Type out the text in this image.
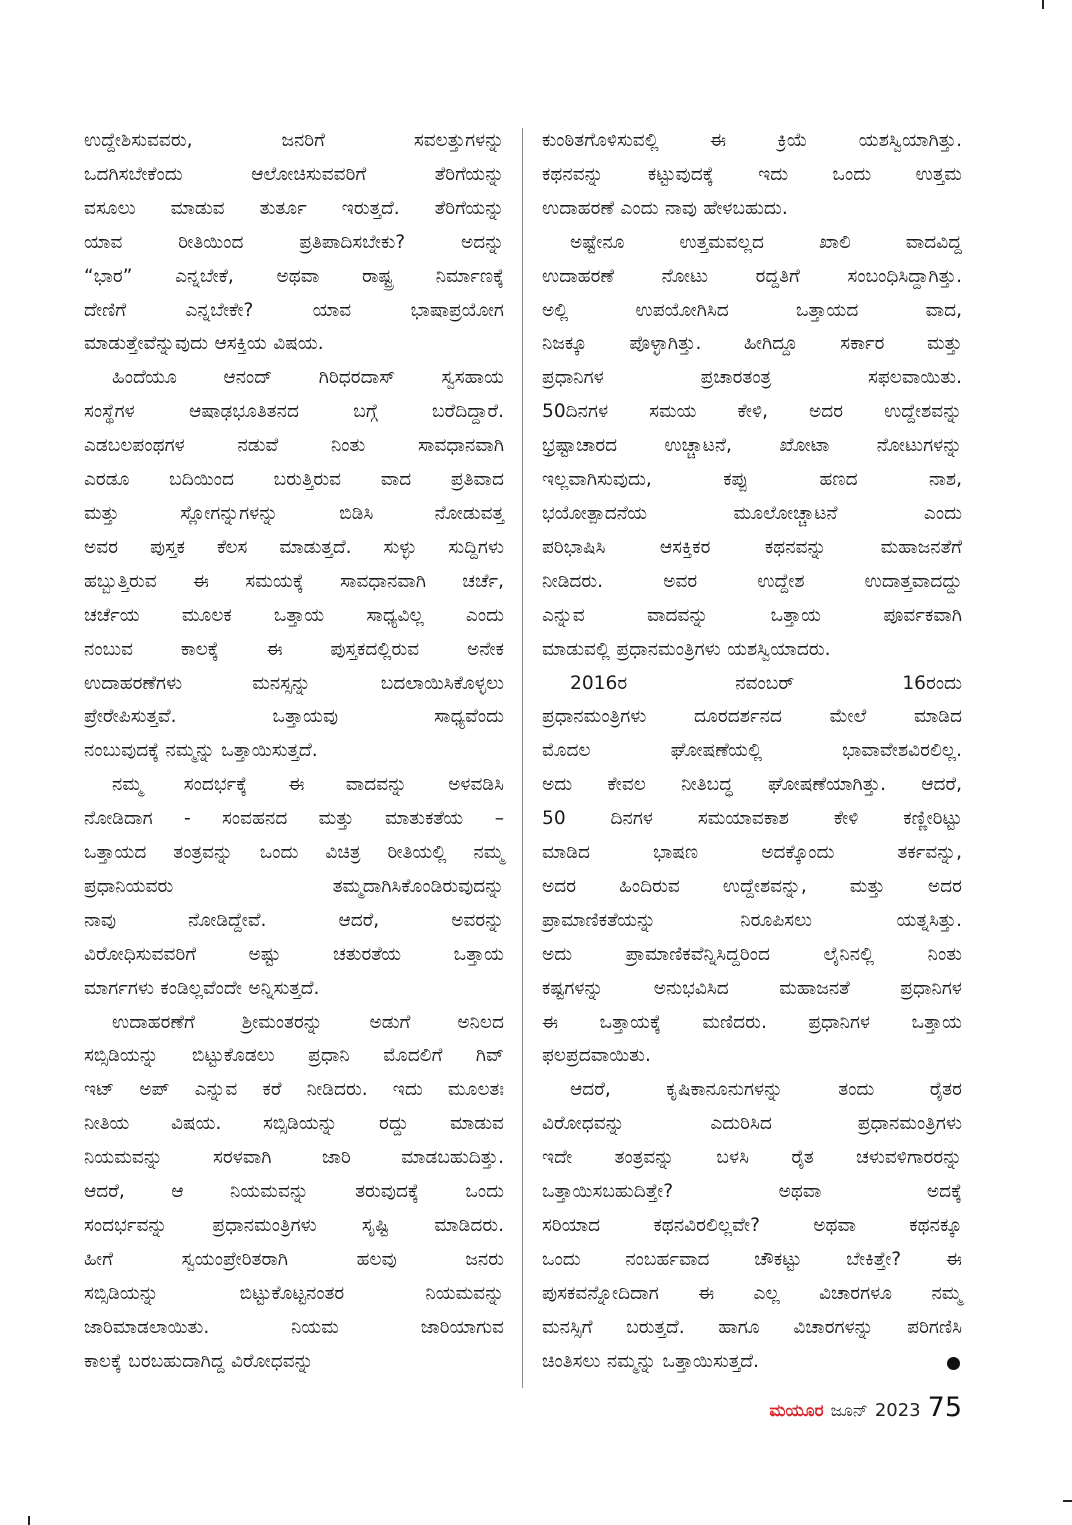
ಉದ್ದೇಶಿಸುವವರು, ಜನರಿಗೆ ಸವಲತ್ತುಗಳನ್ನು
ಒದಗಿಸಬೇಕೆಂದು ಆಲೋಚಿಸುವವರಿಗೆ ತೆರಿಗೆಯನ್ನು
ವಸೂಲು ಮಾಡುವ ತುರ್ತೂ ಇರುತ್ತದೆ. ತೆರಿಗೆಯನ್ನು
ಯಾವ ರೀತಿಯಿಂದ ಪ್ರತಿಪಾದಿಸಬೇಕು? ಅದನ್ನು
“ಭಾರ” ಎನ್ನಬೇಕೆ, ಅಥವಾ ರಾಷ್ಟ್ರ ನಿರ್ಮಾಣಕ್ಕೆ
ದೇಣಿಗೆ ಎನ್ನಬೇಕೇ? ಯಾವ ಭಾಷಾಪ್ರಯೋಗ
ಮಾಡುತ್ತೇವೆನ್ನುವುದು ಆಸಕ್ತಿಯ ವಿಷಯ.
ಹಿಂದೆಯೂ ಆನಂದ್ ಗಿರಿಧರದಾಸ್ ಸ್ವಸಹಾಯ
ಸಂಸ್ಥೆಗಳ ಆಷಾಢಭೂತಿತನದ ಬಗ್ಗೆ ಬರೆದಿದ್ದಾರೆ.
ಎಡಬಲಪಂಥಗಳ ನಡುವೆ ನಿಂತು ಸಾವಧಾನವಾಗಿ
ಎರಡೂ ಬದಿಯಿಂದ ಬರುತ್ತಿರುವ ವಾದ ಪ್ರತಿವಾದ
ಮತ್ತು ಸ್ಲೋಗನ್ನುಗಳನ್ನು ಬಿಡಿಸಿ ನೋಡುವತ್ತ
ಅವರ ಪುಸ್ತಕ ಕೆಲಸ ಮಾಡುತ್ತದೆ. ಸುಳ್ಳು ಸುದ್ದಿಗಳು
ಹಬ್ಬುತ್ತಿರುವ ಈ ಸಮಯಕ್ಕೆ ಸಾವಧಾನವಾಗಿ ಚರ್ಚೆ,
ಚರ್ಚೆಯ ಮೂಲಕ ಒತ್ತಾಯ ಸಾಧ್ಯವಿಲ್ಲ ಎಂದು
ನಂಬುವ ಕಾಲಕ್ಕೆ ಈ ಪುಸ್ತಕದಲ್ಲಿರುವ ಅನೇಕ
ಉದಾಹರಣೆಗಳು ಮನಸ್ಸನ್ನು ಬದಲಾಯಿಸಿಕೊಳ್ಳಲು
ಪ್ರೇರೇಪಿಸುತ್ತವೆ. ಒತ್ತಾಯವು ಸಾಧ್ಯವೆಂದು
ನಂಬುವುದಕ್ಕೆ ನಮ್ಮನ್ನು ಒತ್ತಾಯಿಸುತ್ತದೆ.
ನಮ್ಮ ಸಂದರ್ಭಕ್ಕೆ ಈ ವಾದವನ್ನು ಅಳವಡಿಸಿ
ನೋಡಿದಾಗ - ಸಂವಹನದ ಮತ್ತು ಮಾತುಕತೆಯ –
ಒತ್ತಾಯದ ತಂತ್ರವನ್ನು ಒಂದು ವಿಚಿತ್ರ ರೀತಿಯಲ್ಲಿ ನಮ್ಮ
ಪ್ರಧಾನಿಯವರು ತಮ್ಮದಾಗಿಸಿಕೊಂಡಿರುವುದನ್ನು
ನಾವು ನೋಡಿದ್ದೇವೆ. ಆದರೆ, ಅವರನ್ನು
ವಿರೋಧಿಸುವವರಿಗೆ ಅಷ್ಟು ಚತುರತೆಯ ಒತ್ತಾಯ
ಮಾರ್ಗಗಳು ಕಂಡಿಲ್ಲವೆಂದೇ ಅನ್ನಿಸುತ್ತದೆ.
ಉದಾಹರಣೆಗೆ ಶ್ರೀಮಂತರನ್ನು ಅಡುಗೆ ಅನಿಲದ
ಸಬ್ಸಿಡಿಯನ್ನು ಬಿಟ್ಟುಕೊಡಲು ಪ್ರಧಾನಿ ಮೊದಲಿಗೆ ಗಿವ್
ಇಟ್ ಅಪ್ ಎನ್ನುವ ಕರೆ ನೀಡಿದರು. ಇದು ಮೂಲತಃ
ನೀತಿಯ ವಿಷಯ. ಸಬ್ಸಿಡಿಯನ್ನು ರದ್ದು ಮಾಡುವ
ನಿಯಮವನ್ನು ಸರಳವಾಗಿ ಜಾರಿ ಮಾಡಬಹುದಿತ್ತು.
ಆದರೆ, ಆ ನಿಯಮವನ್ನು ತರುವುದಕ್ಕೆ ಒಂದು
ಸಂದರ್ಭವನ್ನು ಪ್ರಧಾನಮಂತ್ರಿಗಳು ಸೃಷ್ಟಿ ಮಾಡಿದರು.
ಹೀಗೆ ಸ್ವಯಂಪ್ರೇರಿತರಾಗಿ ಹಲವು ಜನರು
ಸಬ್ಸಿಡಿಯನ್ನು ಬಿಟ್ಟುಕೊಟ್ಟನಂತರ ನಿಯಮವನ್ನು
ಜಾರಿಮಾಡಲಾಯಿತು. ನಿಯಮ ಜಾರಿಯಾಗುವ
ಕಾಲಕ್ಕೆ ಬರಬಹುದಾಗಿದ್ದ ವಿರೋಧವನ್ನು
ಕುಂಠಿತಗೊಳಿಸುವಲ್ಲಿ ಈ ಕ್ರಿಯೆ ಯಶಸ್ವಿಯಾಗಿತ್ತು.
ಕಥನವನ್ನು ಕಟ್ಟುವುದಕ್ಕೆ ಇದು ಒಂದು ಉತ್ತಮ
ಉದಾಹರಣೆ ಎಂದು ನಾವು ಹೇಳಬಹುದು.
ಅಷ್ಟೇನೂ ಉತ್ತಮವಲ್ಲದ ಖಾಲಿ ವಾದವಿದ್ದ
ಉದಾಹರಣೆ ನೋಟು ರದ್ದತಿಗೆ ಸಂಬಂಧಿಸಿದ್ದಾಗಿತ್ತು.
ಅಲ್ಲಿ ಉಪಯೋಗಿಸಿದ ಒತ್ತಾಯದ ವಾದ,
ನಿಜಕ್ಕೂ ಪೊಳ್ಳಾಗಿತ್ತು. ಹೀಗಿದ್ದೂ ಸರ್ಕಾರ ಮತ್ತು
ಪ್ರಧಾನಿಗಳ ಪ್ರಚಾರತಂತ್ರ ಸಫಲವಾಯಿತು.
50ದಿನಗಳ ಸಮಯ ಕೇಳಿ, ಅದರ ಉದ್ದೇಶವನ್ನು
ಭ್ರಷ್ಟಾಚಾರದ ಉಚ್ಚಾಟನೆ, ಖೋಟಾ ನೋಟುಗಳನ್ನು
ಇಲ್ಲವಾಗಿಸುವುದು, ಕಪ್ಪು ಹಣದ ನಾಶ,
ಭಯೋತ್ಪಾದನೆಯ ಮೂಲೋಚ್ಚಾಟನೆ ಎಂದು
ಪರಿಭಾಷಿಸಿ ಆಸಕ್ತಿಕರ ಕಥನವನ್ನು ಮಹಾಜನತೆಗೆ
ನೀಡಿದರು. ಅವರ ಉದ್ದೇಶ ಉದಾತ್ತವಾದದ್ದು
ಎನ್ನುವ ವಾದವನ್ನು ಒತ್ತಾಯ ಪೂರ್ವಕವಾಗಿ
ಮಾಡುವಲ್ಲಿ ಪ್ರಧಾನಮಂತ್ರಿಗಳು ಯಶಸ್ವಿಯಾದರು.
2016ರ ನವಂಬರ್ 16ರಂದು
ಪ್ರಧಾನಮಂತ್ರಿಗಳು ದೂರದರ್ಶನದ ಮೇಲೆ ಮಾಡಿದ
ಮೊದಲ ಘೋಷಣೆಯಲ್ಲಿ ಭಾವಾವೇಶವಿರಲಿಲ್ಲ.
ಅದು ಕೇವಲ ನೀತಿಬದ್ಧ ಘೋಷಣೆಯಾಗಿತ್ತು. ಆದರೆ,
50 ದಿನಗಳ ಸಮಯಾವಕಾಶ ಕೇಳಿ ಕಣ್ಣೀರಿಟ್ಟು
ಮಾಡಿದ ಭಾಷಣ ಅದಕ್ಕೊಂದು ತರ್ಕವನ್ನು,
ಅದರ ಹಿಂದಿರುವ ಉದ್ದೇಶವನ್ನು, ಮತ್ತು ಅದರ
ಪ್ರಾಮಾಣಿಕತೆಯನ್ನು ನಿರೂಪಿಸಲು ಯತ್ನಸಿತ್ತು.
ಅದು ಪ್ರಾಮಾಣಿಕವೆನ್ನಿಸಿದ್ದರಿಂದ ಲೈನಿನಲ್ಲಿ ನಿಂತು
ಕಷ್ಟಗಳನ್ನು ಅನುಭವಿಸಿದ ಮಹಾಜನತೆ ಪ್ರಧಾನಿಗಳ
ಈ ಒತ್ತಾಯಕ್ಕೆ ಮಣಿದರು. ಪ್ರಧಾನಿಗಳ ಒತ್ತಾಯ
ಫಲಪ್ರದವಾಯಿತು.
ಆದರೆ, ಕೃಷಿಕಾನೂನುಗಳನ್ನು ತಂದು ರೈತರ
ವಿರೋಧವನ್ನು ಎದುರಿಸಿದ ಪ್ರಧಾನಮಂತ್ರಿಗಳು
ಇದೇ ತಂತ್ರವನ್ನು ಬಳಸಿ ರೈತ ಚಳುವಳಿಗಾರರನ್ನು
ಒತ್ತಾಯಿಸಬಹುದಿತ್ತೇ? ಅಥವಾ ಅದಕ್ಕೆ
ಸರಿಯಾದ ಕಥನವಿರಲಿಲ್ಲವೇ? ಅಥವಾ ಕಥನಕ್ಕೂ
ಒಂದು ನಂಬರ್ಹವಾದ ಚೌಕಟ್ಟು ಬೇಕಿತ್ತೇ? ಈ
ಪುಸಕವನ್ನೋದಿದಾಗ ಈ ಎಲ್ಲ ವಿಚಾರಗಳೂ ನಮ್ಮ
ಮನಸ್ಸಿಗೆ ಬರುತ್ತದೆ. ಹಾಗೂ ವಿಚಾರಗಳನ್ನು ಪರಿಗಣಿಸಿ
ಚಿಂತಿಸಲು ನಮ್ಮನ್ನು ಒತ್ತಾಯಿಸುತ್ತದೆ.
ಮಯೂರ ಜೂನ್ 2023 75
